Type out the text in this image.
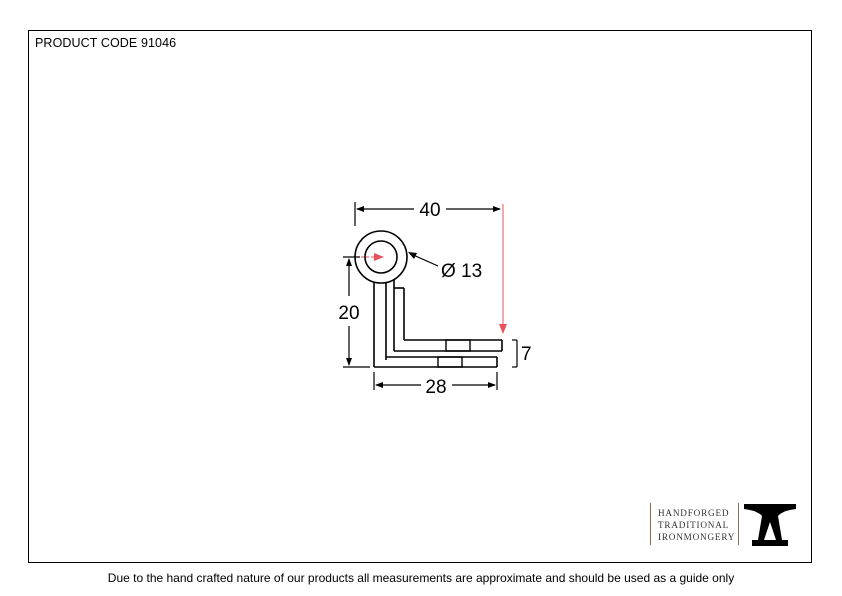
PRODUCT CODE 91046
40
Ø 13
20
7
28
HANDFORGED
TRADITIONAL
IRONMONGERY
Due to the hand crafted nature of our products all measurements are approximate and should be used as a guide only
